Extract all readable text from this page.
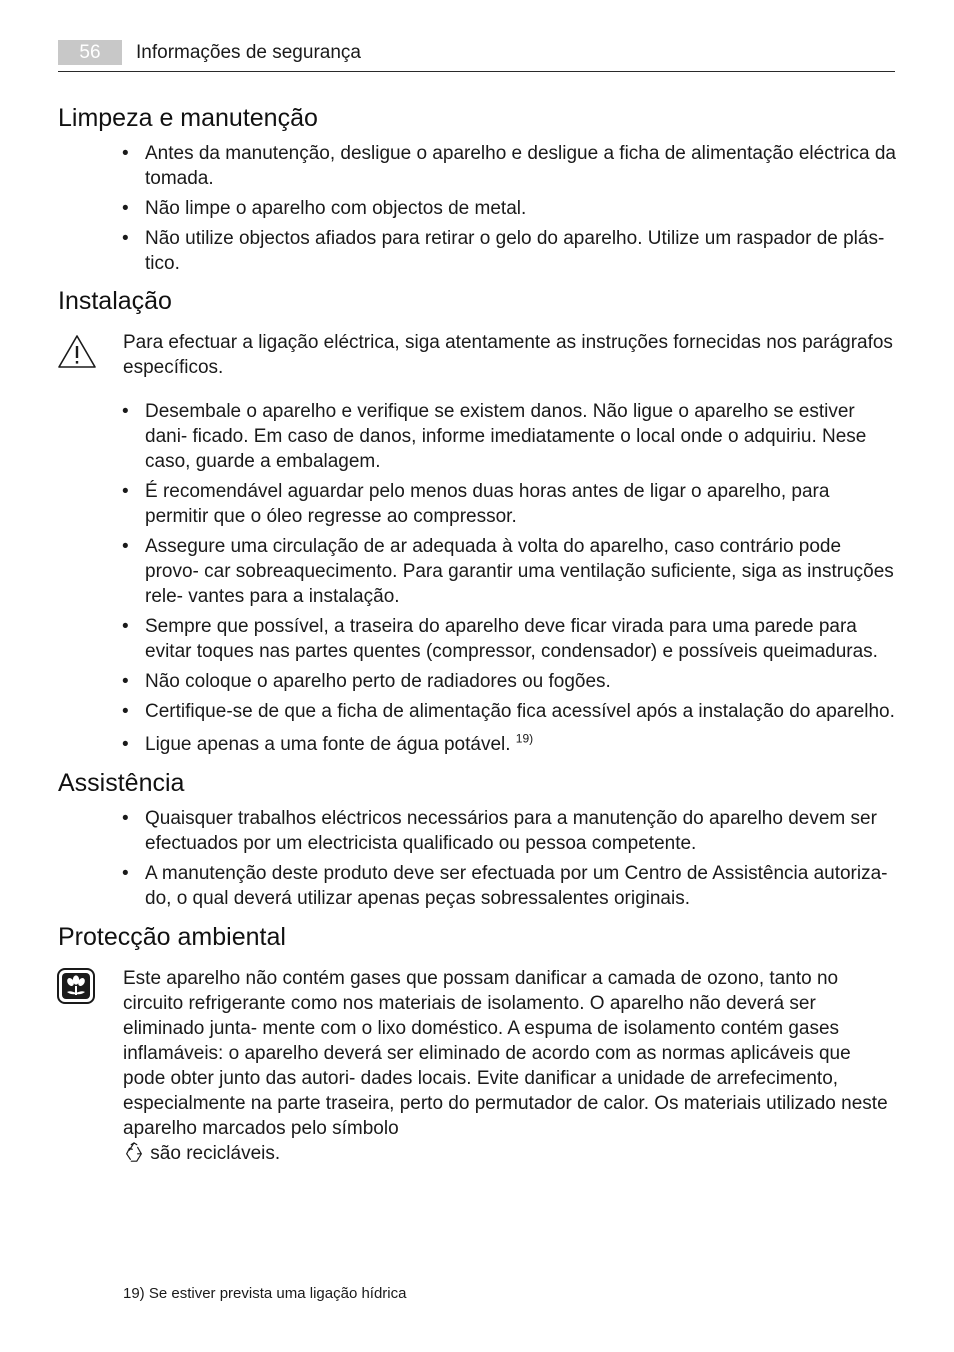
56	Informações de segurança
Limpeza e manutenção
• Antes da manutenção, desligue o aparelho e desligue a ficha de alimentação eléctrica da tomada.
• Não limpe o aparelho com objectos de metal.
• Não utilize objectos afiados para retirar o gelo do aparelho. Utilize um raspador de plás- tico.
Instalação

Para efectuar a ligação eléctrica, siga atentamente as instruções fornecidas nos parágrafos específicos.

• Desembale o aparelho e verifique se existem danos. Não ligue o aparelho se estiver dani- ficado. Em caso de danos, informe imediatamente o local onde o adquiriu. Nese caso, guarde a embalagem.
• É recomendável aguardar pelo menos duas horas antes de ligar o aparelho, para permitir que o óleo regresse ao compressor.
• Assegure uma circulação de ar adequada à volta do aparelho, caso contrário pode provo- car sobreaquecimento. Para garantir uma ventilação suficiente, siga as instruções rele- vantes para a instalação.
• Sempre que possível, a traseira do aparelho deve ficar virada para uma parede para evitar toques nas partes quentes (compressor, condensador) e possíveis queimaduras.
• Não coloque o aparelho perto de radiadores ou fogões.
• Certifique-se de que a ficha de alimentação fica acessível após a instalação do aparelho.
• Ligue apenas a uma fonte de água potável. $^{19)}$
Assistência
• Quaisquer trabalhos eléctricos necessários para a manutenção do aparelho devem ser efectuados por um electricista qualificado ou pessoa competente.
• A manutenção deste produto deve ser efectuada por um Centro de Assistência autoriza- do, o qual deverá utilizar apenas peças sobressalentes originais.
Protecção ambiental

Este aparelho não contém gases que possam danificar a camada de ozono, tanto no circuito refrigerante como nos materiais de isolamento. O aparelho não deverá ser eliminado junta- mente com o lixo doméstico. A espuma de isolamento contém gases inflamáveis: o aparelho deverá ser eliminado de acordo com as normas aplicáveis que pode obter junto das autori- dades locais. Evite danificar a unidade de arrefecimento, especialmente na parte traseira, perto do permutador de calor. Os materiais utilizado neste aparelho marcados pelo símbolo
são recicláveis.

19) Se estiver prevista uma ligação hídrica
